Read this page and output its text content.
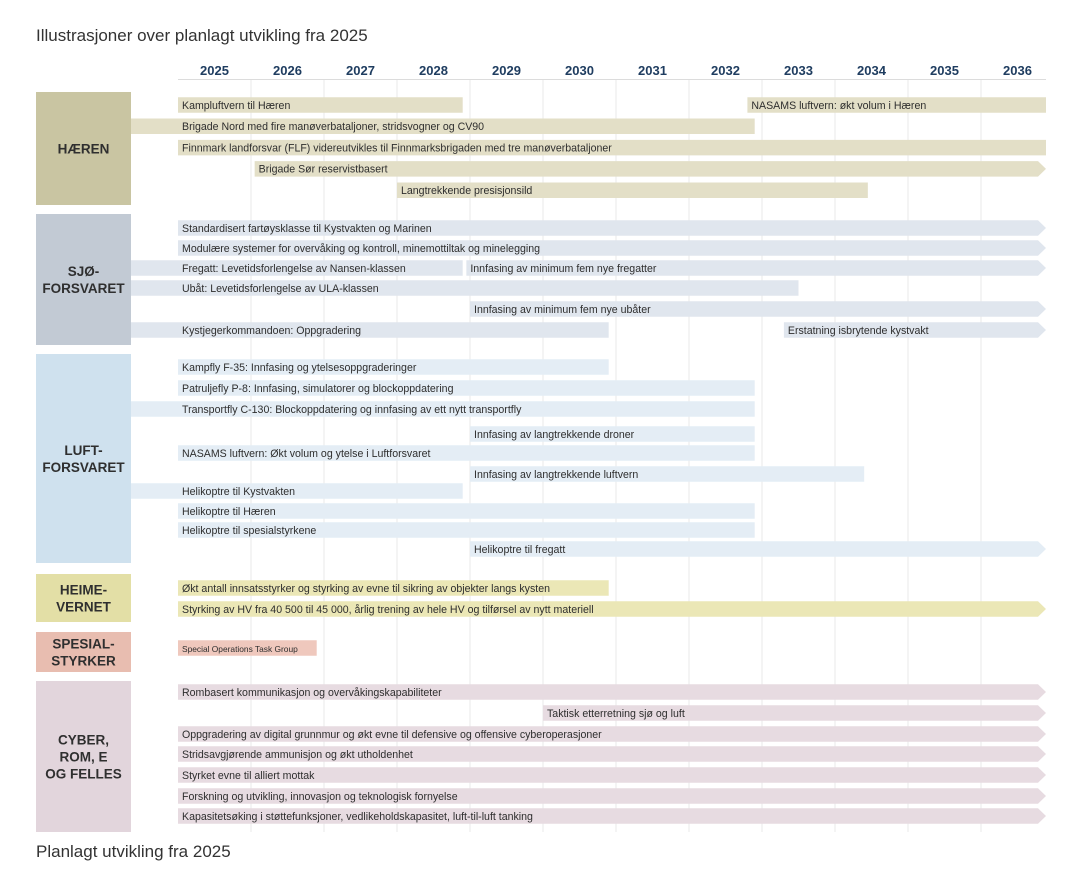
Illustrasjoner over planlagt utvikling fra 2025
2025	2026	2027	2028	2029	2030	2031	2032	2033	2034	2035	2036
HÆREN
Kampluftvern til Hæren	NASAMS luftvern: økt volum i Hæren
Brigade Nord med fire manøverbataljoner, stridsvogner og CV90
Finnmark landforsvar (FLF) videreutvikles til Finnmarksbrigaden med tre manøverbataljoner
Brigade Sør reservistbasert
Langtrekkende presisjonsild
SJØ-
FORSVARET
Standardisert fartøysklasse til Kystvakten og Marinen
Modulære systemer for overvåking og kontroll, minemottiltak og minelegging
Fregatt: Levetidsforlengelse av Nansen-klassen	Innfasing av minimum fem nye fregatter
Ubåt: Levetidsforlengelse av ULA-klassen
Innfasing av minimum fem nye ubåter
Kystjegerkommandoen: Oppgradering	Erstatning isbrytende kystvakt
LUFT-
FORSVARET
Kampfly F-35: Innfasing og ytelsesoppgraderinger
Patruljefly P-8: Innfasing, simulatorer og blockoppdatering
Transportfly C-130: Blockoppdatering og innfasing av ett nytt transportfly
Innfasing av langtrekkende droner
NASAMS luftvern: Økt volum og ytelse i Luftforsvaret
Innfasing av langtrekkende luftvern
Helikoptre til Kystvakten
Helikoptre til Hæren
Helikoptre til spesialstyrkene
Helikoptre til fregatt
HEIME-
VERNET
Økt antall innsatsstyrker og styrking av evne til sikring av objekter langs kysten
Styrking av HV fra 40 500 til 45 000, årlig trening av hele HV og tilførsel av nytt materiell
SPESIAL-
STYRKER
Special Operations Task Group
CYBER,
ROM, E
OG FELLES
Rombasert kommunikasjon og overvåkingskapabiliteter
Taktisk etterretning sjø og luft
Oppgradering av digital grunnmur og økt evne til defensive og offensive cyberoperasjoner
Stridsavgjørende ammunisjon og økt utholdenhet
Styrket evne til alliert mottak
Forskning og utvikling, innovasjon og teknologisk fornyelse
Kapasitetsøking i støttefunksjoner, vedlikeholdskapasitet, luft-til-luft tanking
Planlagt utvikling fra 2025
